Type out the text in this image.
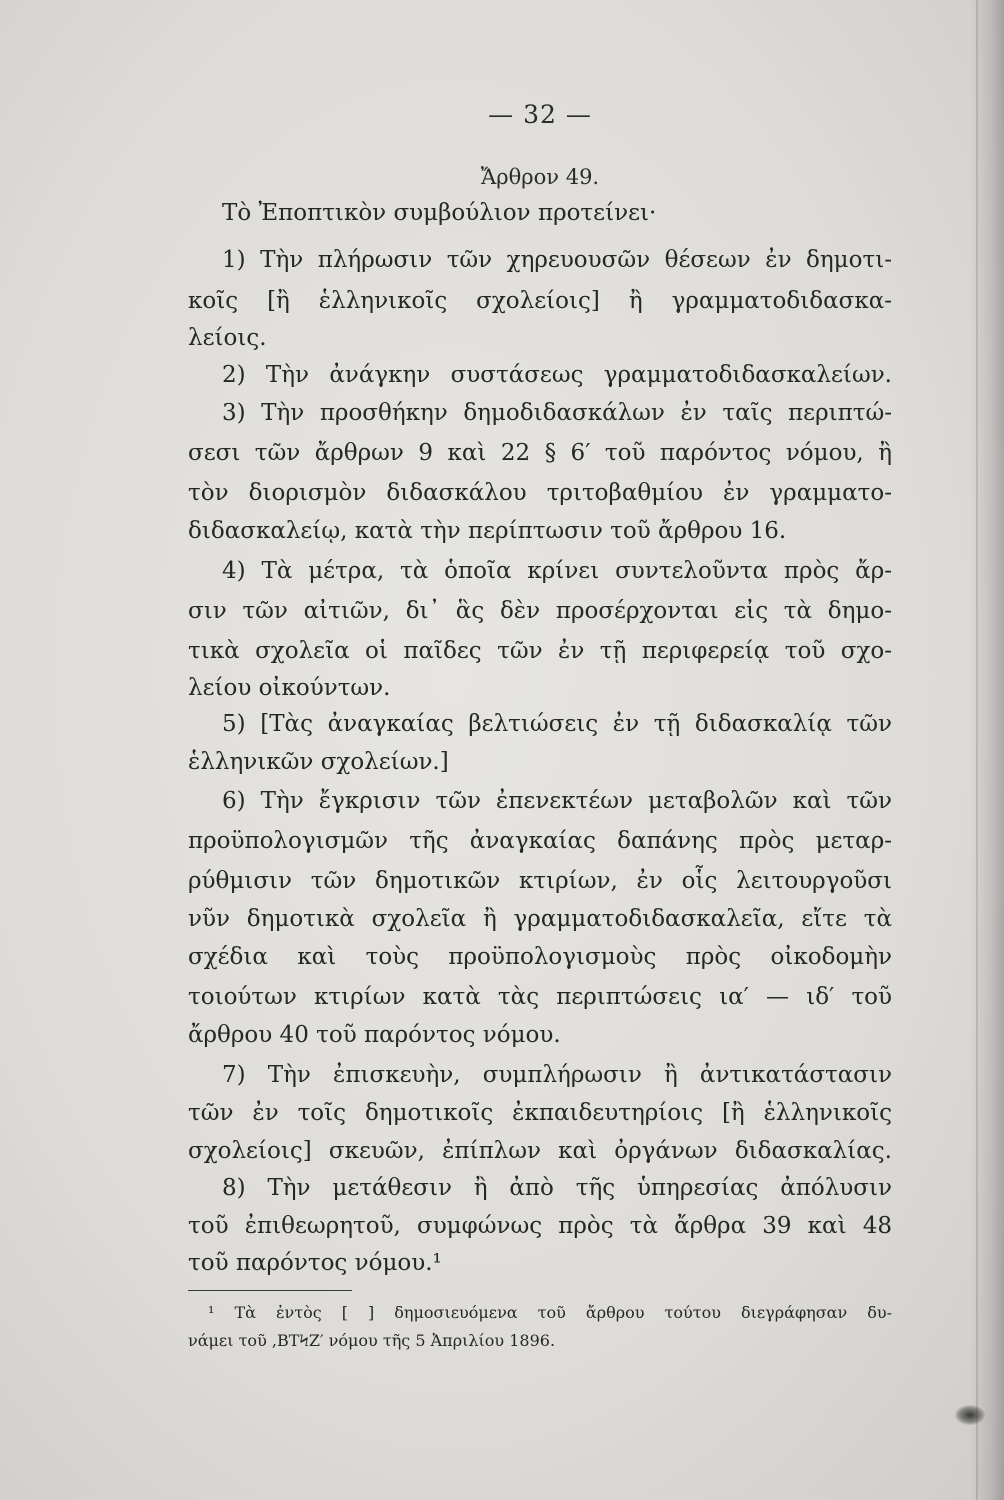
— 32 —
Ἄρθρον 49.
Τὸ Ἐποπτικὸν συμβούλιον προτείνει·
1) Τὴν πλήρωσιν τῶν χηρευουσῶν θέσεων ἐν δημοτι-
κοῖς [ἢ ἑλληνικοῖς σχολείοις] ἢ γραμματοδιδασκα-
λείοις.
2) Τὴν ἀνάγκην συστάσεως γραμματοδιδασκαλείων.
3) Τὴν προσθήκην δημοδιδασκάλων ἐν ταῖς περιπτώ-
σεσι τῶν ἄρθρων 9 καὶ 22 § 6′ τοῦ παρόντος νόμου, ἢ
τὸν διορισμὸν διδασκάλου τριτοβαθμίου ἐν γραμματο-
διδασκαλείῳ, κατὰ τὴν περίπτωσιν τοῦ ἄρθρου 16.
4) Τὰ μέτρα, τὰ ὁποῖα κρίνει συντελοῦντα πρὸς ἄρ-
σιν τῶν αἰτιῶν, δι᾽ ἃς δὲν προσέρχονται εἰς τὰ δημο-
τικὰ σχολεῖα οἱ παῖδες τῶν ἐν τῇ περιφερείᾳ τοῦ σχο-
λείου οἰκούντων.
5) [Τὰς ἀναγκαίας βελτιώσεις ἐν τῇ διδασκαλίᾳ τῶν
ἑλληνικῶν σχολείων.]
6) Τὴν ἔγκρισιν τῶν ἐπενεκτέων μεταβολῶν καὶ τῶν
προϋπολογισμῶν τῆς ἀναγκαίας δαπάνης πρὸς μεταρ-
ρύθμισιν τῶν δημοτικῶν κτιρίων, ἐν οἷς λειτουργοῦσι
νῦν δημοτικὰ σχολεῖα ἢ γραμματοδιδασκαλεῖα, εἴτε τὰ
σχέδια καὶ τοὺς προϋπολογισμοὺς πρὸς οἰκοδομὴν
τοιούτων κτιρίων κατὰ τὰς περιπτώσεις ια′ — ιδ′ τοῦ
ἄρθρου 40 τοῦ παρόντος νόμου.
7) Τὴν ἐπισκευὴν, συμπλήρωσιν ἢ ἀντικατάστασιν
τῶν ἐν τοῖς δημοτικοῖς ἐκπαιδευτηρίοις [ἢ ἑλληνικοῖς
σχολείοις] σκευῶν, ἐπίπλων καὶ ὀργάνων διδασκαλίας.
8) Τὴν μετάθεσιν ἢ ἀπὸ τῆς ὑπηρεσίας ἀπόλυσιν
τοῦ ἐπιθεωρητοῦ, συμφώνως πρὸς τὰ ἄρθρα 39 καὶ 48
τοῦ παρόντος νόμου.¹
¹ Τὰ ἐντὸς [ ] δημοσιευόμενα τοῦ ἄρθρου τούτου διεγράφησαν δυ-
νάμει τοῦ ,ΒΤϞΖ′ νόμου τῆς 5 Ἀπριλίου 1896.
